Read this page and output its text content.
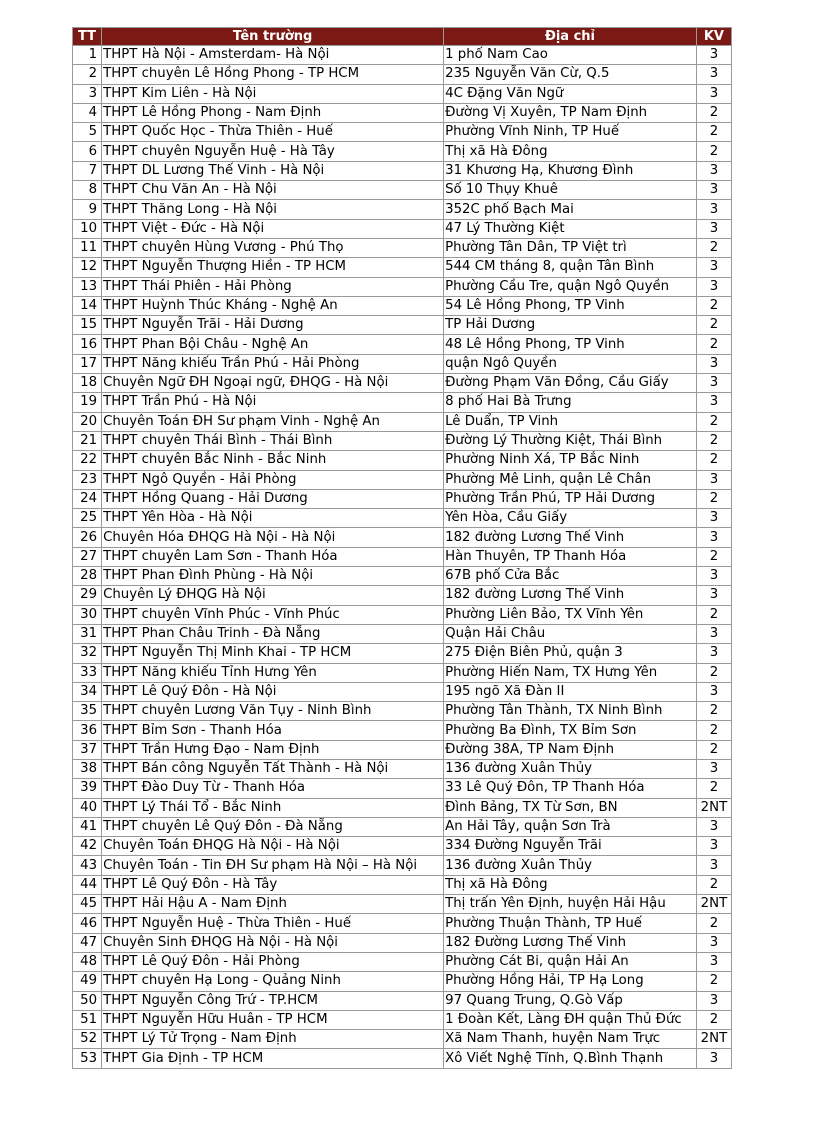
TT	Tên trường	Địa chỉ	KV
1	THPT Hà Nội - Amsterdam- Hà Nội	1 phố Nam Cao	3
2	THPT chuyên Lê Hồng Phong - TP HCM	235 Nguyễn Văn Cừ, Q.5	3
3	THPT Kim Liên - Hà Nội	4C Đặng Văn Ngữ	3
4	THPT Lê Hồng Phong - Nam Định	Đường Vị Xuyên, TP Nam Định	2
5	THPT Quốc Học - Thừa Thiên - Huế	Phường Vĩnh Ninh, TP Huế	2
6	THPT chuyên Nguyễn Huệ - Hà Tây	Thị xã Hà Đông	2
7	THPT DL Lương Thế Vinh - Hà Nội	31 Khương Hạ, Khương Đình	3
8	THPT Chu Văn An - Hà Nội	Số 10 Thụy Khuê	3
9	THPT Thăng Long - Hà Nội	352C phố Bạch Mai	3
10	THPT Việt - Đức - Hà Nội	47 Lý Thường Kiệt	3
11	THPT chuyên Hùng Vương - Phú Thọ	Phường Tân Dân, TP Việt trì	2
12	THPT Nguyễn Thượng Hiền - TP HCM	544 CM tháng 8, quận Tân Bình	3
13	THPT Thái Phiên - Hải Phòng	Phường Cầu Tre, quận Ngô Quyền	3
14	THPT Huỳnh Thúc Kháng - Nghệ An	54 Lê Hồng Phong, TP Vinh	2
15	THPT Nguyễn Trãi - Hải Dương	TP Hải Dương	2
16	THPT Phan Bội Châu - Nghệ An	48 Lê Hồng Phong, TP Vinh	2
17	THPT Năng khiếu Trần Phú - Hải Phòng	quận Ngô Quyền	3
18	Chuyên Ngữ ĐH Ngoại ngữ, ĐHQG - Hà Nội	Đường Phạm Văn Đồng, Cầu Giấy	3
19	THPT Trần Phú - Hà Nội	8 phố Hai Bà Trưng	3
20	Chuyên Toán ĐH Sư phạm Vinh - Nghệ An	Lê Duẩn, TP Vinh	2
21	THPT chuyên Thái Bình - Thái Bình	Đường Lý Thường Kiệt, Thái Bình	2
22	THPT chuyên Bắc Ninh - Bắc Ninh	Phường Ninh Xá, TP Bắc Ninh	2
23	THPT Ngô Quyền - Hải Phòng	Phường Mê Linh, quận Lê Chân	3
24	THPT Hồng Quang - Hải Dương	Phường Trần Phú, TP Hải Dương	2
25	THPT Yên Hòa - Hà Nội	Yên Hòa, Cầu Giấy	3
26	Chuyên Hóa ĐHQG Hà Nội - Hà Nội	182 đường Lương Thế Vinh	3
27	THPT chuyên Lam Sơn - Thanh Hóa	Hàn Thuyên, TP Thanh Hóa	2
28	THPT Phan Đình Phùng - Hà Nội	67B phố Cửa Bắc	3
29	Chuyên Lý ĐHQG Hà Nội	182 đường Lương Thế Vinh	3
30	THPT chuyên Vĩnh Phúc - Vĩnh Phúc	Phường Liên Bảo, TX Vĩnh Yên	2
31	THPT Phan Châu Trinh - Đà Nẵng	Quận Hải Châu	3
32	THPT Nguyễn Thị Minh Khai - TP HCM	275 Điện Biên Phủ, quận 3	3
33	THPT Năng khiếu Tỉnh Hưng Yên	Phường Hiến Nam, TX Hưng Yên	2
34	THPT Lê Quý Đôn - Hà Nội	195 ngõ Xã Đàn II	3
35	THPT chuyên Lương Văn Tụy - Ninh Bình	Phường Tân Thành, TX Ninh Bình	2
36	THPT Bỉm Sơn - Thanh Hóa	Phường Ba Đình, TX Bỉm Sơn	2
37	THPT Trần Hưng Đạo - Nam Định	Đường 38A, TP Nam Định	2
38	THPT Bán công Nguyễn Tất Thành - Hà Nội	136 đường Xuân Thủy	3
39	THPT Đào Duy Từ - Thanh Hóa	33 Lê Quý Đôn, TP Thanh Hóa	2
40	THPT Lý Thái Tổ - Bắc Ninh	Đình Bảng, TX Từ Sơn, BN	2NT
41	THPT chuyên Lê Quý Đôn - Đà Nẵng	An Hải Tây, quận Sơn Trà	3
42	Chuyên Toán ĐHQG Hà Nội - Hà Nội	334 Đường Nguyễn Trãi	3
43	Chuyên Toán - Tin ĐH Sư phạm Hà Nội – Hà Nội	136 đường Xuân Thủy	3
44	THPT Lê Quý Đôn - Hà Tây	Thị xã Hà Đông	2
45	THPT Hải Hậu A - Nam Định	Thị trấn Yên Định, huyện Hải Hậu	2NT
46	THPT Nguyễn Huệ - Thừa Thiên - Huế	Phường Thuận Thành, TP Huế	2
47	Chuyên Sinh ĐHQG Hà Nội - Hà Nội	182 Đường Lương Thế Vinh	3
48	THPT Lê Quý Đôn - Hải Phòng	Phường Cát Bi, quận Hải An	3
49	THPT chuyên Hạ Long - Quảng Ninh	Phường Hồng Hải, TP Hạ Long	2
50	THPT Nguyễn Công Trứ - TP.HCM	97 Quang Trung, Q.Gò Vấp	3
51	THPT Nguyễn Hữu Huân - TP HCM	1 Đoàn Kết, Làng ĐH quận Thủ Đức	2
52	THPT Lý Tử Trọng - Nam Định	Xã Nam Thanh, huyện Nam Trực	2NT
53	THPT Gia Định - TP HCM	Xô Viết Nghệ Tĩnh, Q.Bình Thạnh	3
